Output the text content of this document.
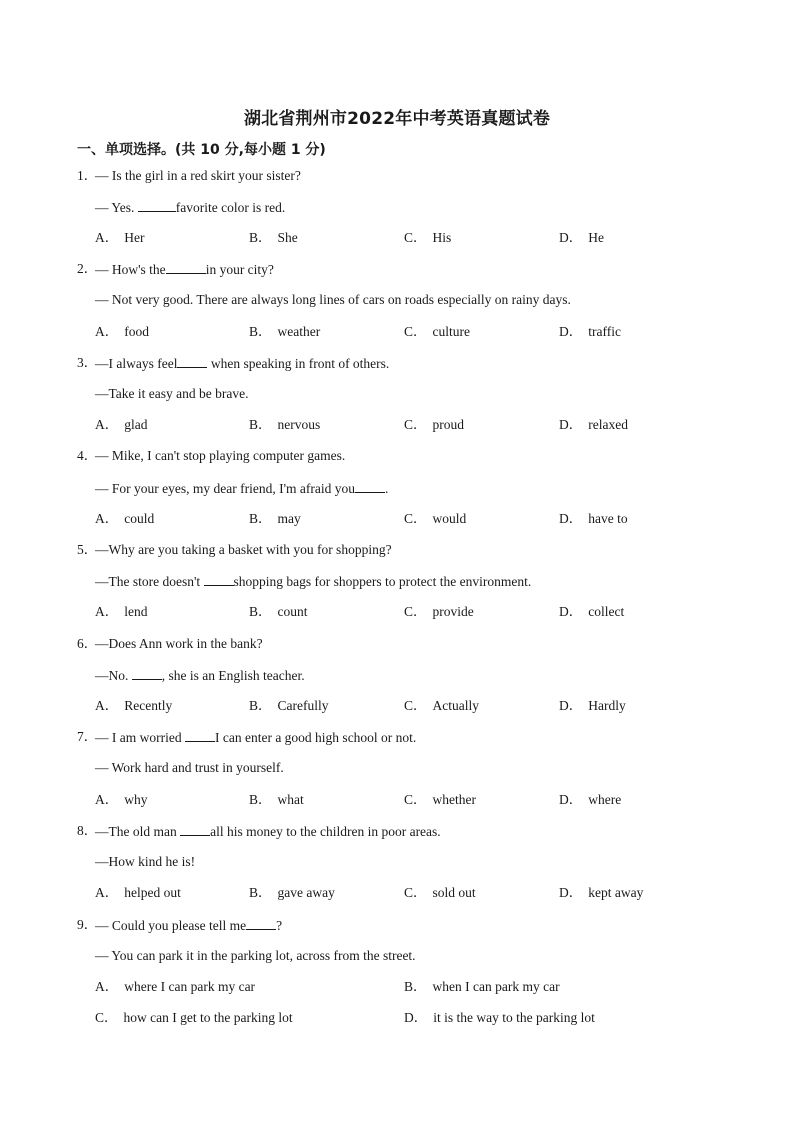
湖北省荆州市2022年中考英语真题试卷
一、单项选择。(共 10 分,每小题 1 分)
1．
— Is the girl in a red skirt your sister?
— Yes.	favorite color is red.
A． Her	B． She	C． His	D． He
2．
— How's the	in your city?
— Not very good. There are always long lines of cars on roads especially on rainy days.
A． food	B． weather	C． culture	D． traffic
3．
—I always feel when speaking in front of others.
—Take it easy and be brave.
A． glad	B． nervous	C． proud	D． relaxed
4．
— Mike, I can't stop playing computer games.
— For your eyes, my dear friend, I'm afraid you .
A． could	B． may	C． would	D． have to
5．
—Why are you taking a basket with you for shopping?
—The store doesn't shopping bags for shoppers to protect the environment.
A． lend	B． count	C． provide	D． collect
6．
—Does Ann work in the bank?
—No. , she is an English teacher.
A． Recently	B． Carefully	C． Actually	D． Hardly
7．
— I am worried I can enter a good high school or not.
— Work hard and trust in yourself.
A． why	B． what	C． whether	D． where
8．
—The old man all his money to the children in poor areas.
—How kind he is!
A． helped out	B． gave away	C． sold out	D． kept away
9．
— Could you please tell me ?
— You can park it in the parking lot, across from the street.
A． where I can park my car	B． when I can park my car
C． how can I get to the parking lot	D． it is the way to the parking lot
